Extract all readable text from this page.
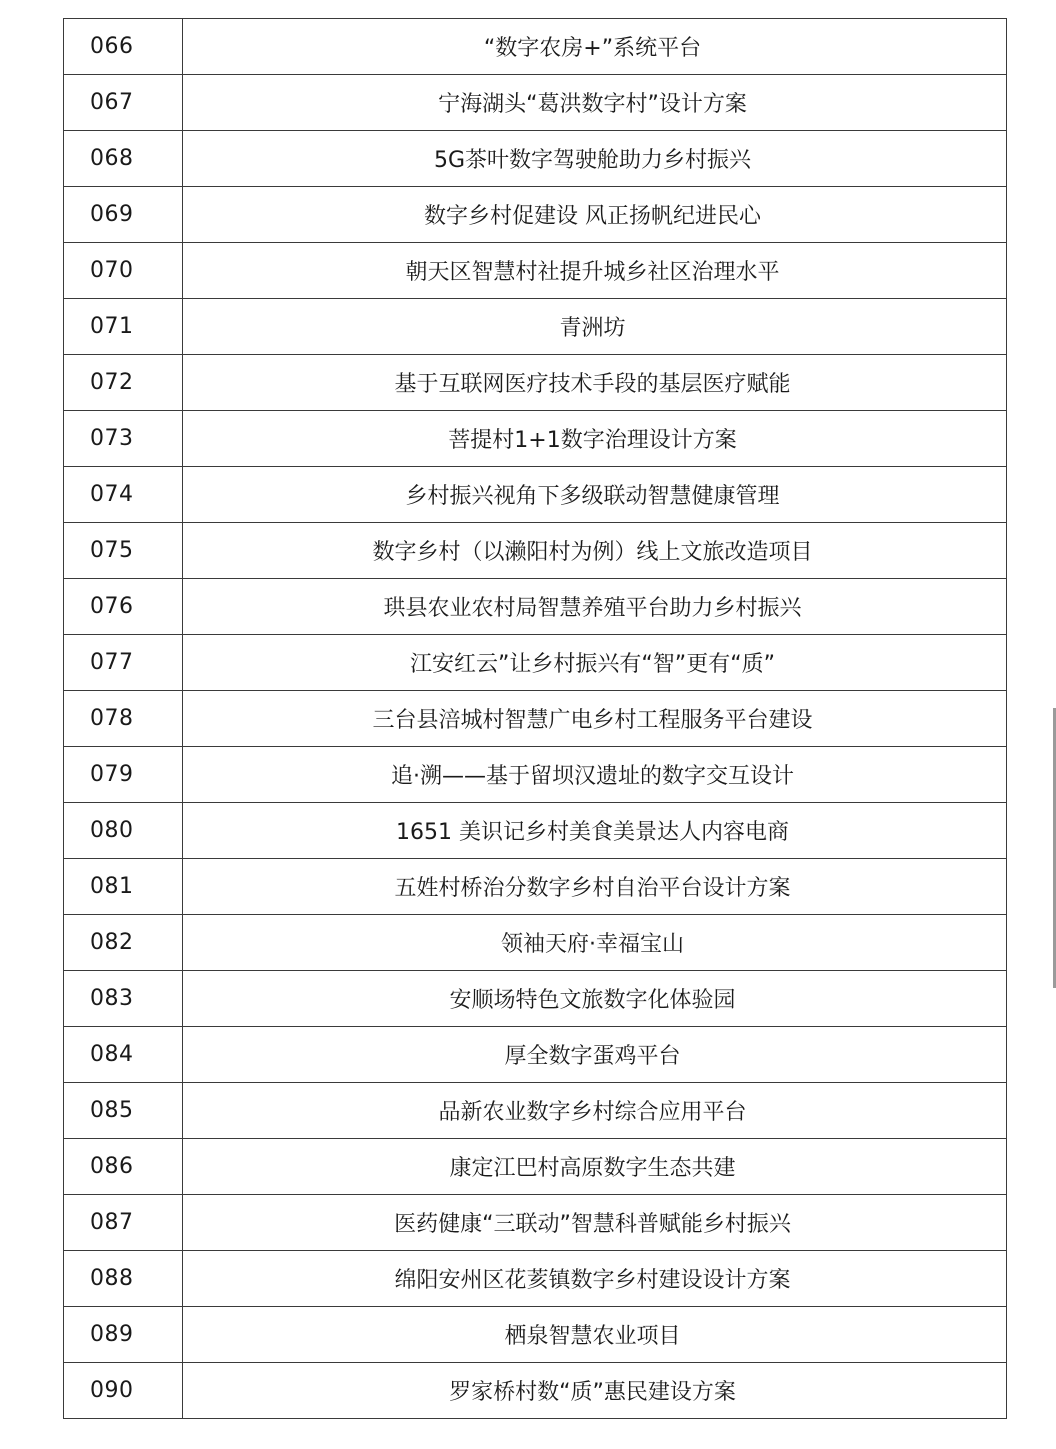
066	“数字农房+”系统平台
067	宁海湖头“葛洪数字村”设计方案
068	5G茶叶数字驾驶舱助力乡村振兴
069	数字乡村促建设 风正扬帆纪进民心
070	朝天区智慧村社提升城乡社区治理水平
071	青洲坊
072	基于互联网医疗技术手段的基层医疗赋能
073	菩提村1+1数字治理设计方案
074	乡村振兴视角下多级联动智慧健康管理
075	数字乡村（以濑阳村为例）线上文旅改造项目
076	珙县农业农村局智慧养殖平台助力乡村振兴
077	江安红云”让乡村振兴有“智”更有“质”
078	三台县涪城村智慧广电乡村工程服务平台建设
079	追·溯——基于留坝汉遗址的数字交互设计
080	1651 美识记乡村美食美景达人内容电商
081	五姓村桥治分数字乡村自治平台设计方案
082	领袖天府·幸福宝山
083	安顺场特色文旅数字化体验园
084	厚全数字蛋鸡平台
085	品新农业数字乡村综合应用平台
086	康定江巴村高原数字生态共建
087	医药健康“三联动”智慧科普赋能乡村振兴
088	绵阳安州区花荄镇数字乡村建设设计方案
089	栖泉智慧农业项目
090	罗家桥村数“质”惠民建设方案
